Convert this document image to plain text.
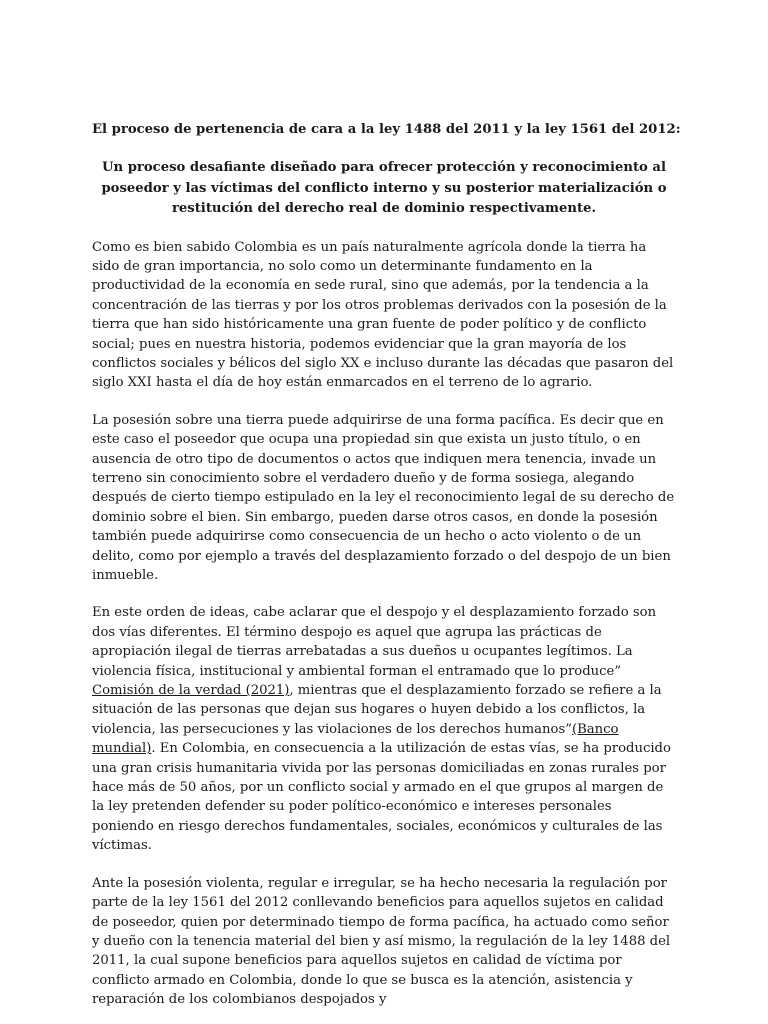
El proceso de pertenencia de cara a la ley 1488 del 2011 y la ley 1561 del 2012:
Un proceso desafiante diseñado para ofrecer protección y reconocimiento al poseedor y las víctimas del conflicto interno y su posterior materialización o restitución del derecho real de dominio respectivamente.

Como es bien sabido Colombia es un país naturalmente agrícola donde la tierra ha sido de gran importancia, no solo como un determinante fundamento en la productividad de la economía en sede rural, sino que además, por la tendencia a la concentración de las tierras y por los otros problemas derivados con la posesión de la tierra que han sido históricamente una gran fuente de poder político y de conflicto social; pues en nuestra historia, podemos evidenciar que la gran mayoría de los conflictos sociales y bélicos del siglo XX e incluso durante las décadas que pasaron del siglo XXI hasta el día de hoy están enmarcados en el terreno de lo agrario.

La posesión sobre una tierra puede adquirirse de una forma pacífica. Es decir que en este caso el poseedor que ocupa una propiedad sin que exista un justo título, o en ausencia de otro tipo de documentos o actos que indiquen mera tenencia, invade un terreno sin conocimiento sobre el verdadero dueño y de forma sosiega, alegando después de cierto tiempo estipulado en la ley el reconocimiento legal de su derecho de dominio sobre el bien. Sin embargo, pueden darse otros casos, en donde la posesión también puede adquirirse como consecuencia de un hecho o acto violento o de un delito, como por ejemplo a través del desplazamiento forzado o del despojo de un bien inmueble.

En este orden de ideas, cabe aclarar que el despojo y el desplazamiento forzado son dos vías diferentes. El término despojo es aquel que agrupa las prácticas de apropiación ilegal de tierras arrebatadas a sus dueños u ocupantes legítimos. La violencia física, institucional y ambiental forman el entramado que lo produce” Comisión de la verdad (2021), mientras que el desplazamiento forzado se refiere a la situación de las personas que dejan sus hogares o huyen debido a los conflictos, la violencia, las persecuciones y las violaciones de los derechos humanos”(Banco mundial). En Colombia, en consecuencia a la utilización de estas vías, se ha producido una gran crisis humanitaria vivida por las personas domiciliadas en zonas rurales por hace más de 50 años, por un conflicto social y armado en el que grupos al margen de la ley pretenden defender su poder político-económico e intereses personales poniendo en riesgo derechos fundamentales, sociales, económicos y culturales de las víctimas.

Ante la posesión violenta, regular e irregular, se ha hecho necesaria la regulación por parte de la ley 1561 del 2012 conllevando beneficios para aquellos sujetos en calidad de poseedor, quien por determinado tiempo de forma pacífica, ha actuado como señor y dueño con la tenencia material del bien y así mismo, la regulación de la ley 1488 del 2011, la cual supone beneficios para aquellos sujetos en calidad de víctima por conflicto armado en Colombia, donde lo que se busca es la atención, asistencia y reparación de los colombianos despojados y
